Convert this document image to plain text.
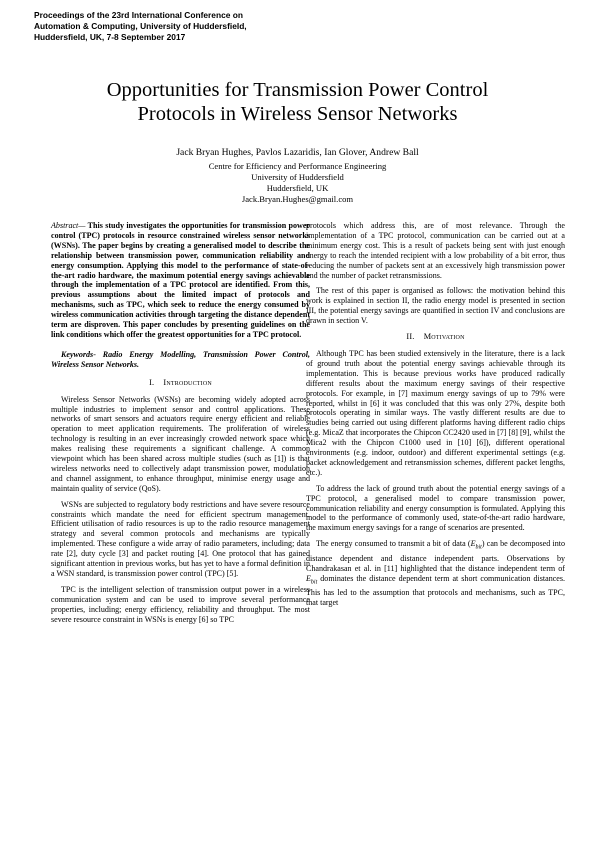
Proceedings of the 23rd International Conference on
Automation & Computing, University of Huddersfield,
Huddersfield, UK, 7-8 September 2017
Opportunities for Transmission Power Control
Protocols in Wireless Sensor Networks
Jack Bryan Hughes, Pavlos Lazaridis, Ian Glover, Andrew Ball
Centre for Efficiency and Performance Engineering
University of Huddersfield
Huddersfield, UK
Jack.Bryan.Hughes@gmail.com

Abstract— This study investigates the opportunities for transmission power control (TPC) protocols in resource constrained wireless sensor networks (WSNs). The paper begins by creating a generalised model to describe the relationship between transmission power, communication reliability and energy consumption. Applying this model to the performance of state-of-the-art radio hardware, the maximum potential energy savings achievable through the implementation of a TPC protocol are identified. From this, previous assumptions about the limited impact of protocols and mechanisms, such as TPC, which seek to reduce the energy consumed by wireless communication activities through targeting the distance dependent term are disproven. This paper concludes by presenting guidelines on the link conditions which offer the greatest opportunities for a TPC protocol.

Keywords- Radio Energy Modelling, Transmission Power Control, Wireless Sensor Networks.

I. Introduction

Wireless Sensor Networks (WSNs) are becoming widely adopted across multiple industries to implement sensor and control applications. These networks of smart sensors and actuators require energy efficient and reliable operation to meet application requirements. The proliferation of wireless technology is resulting in an ever increasingly crowded network space which makes realising these requirements a significant challenge. A common viewpoint which has been shared across multiple studies (such as [1]) is that wireless networks need to collectively adapt transmission power, modulation and channel assignment, to enhance throughput, minimise energy usage and maintain quality of service (QoS).

WSNs are subjected to regulatory body restrictions and have severe resource constraints which mandate the need for efficient spectrum management. Efficient utilisation of radio resources is up to the radio resource management strategy and several common protocols and mechanisms are typically implemented. These configure a wide array of radio parameters, including; data rate [2], duty cycle [3] and packet routing [4]. One protocol that has gained significant attention in previous works, but has yet to have a formal definition in a WSN standard, is transmission power control (TPC) [5].

TPC is the intelligent selection of transmission output power in a wireless communication system and can be used to improve several performance properties, including; energy efficiency, reliability and throughput. The most severe resource constraint in WSNs is energy [6] so TPC

protocols which address this, are of most relevance. Through the implementation of a TPC protocol, communication can be carried out at a minimum energy cost. This is a result of packets being sent with just enough energy to reach the intended recipient with a low probability of a bit error, thus reducing the number of packets sent at an excessively high transmission power and the number of packet retransmissions.

The rest of this paper is organised as follows: the motivation behind this work is explained in section II, the radio energy model is presented in section III, the potential energy savings are quantified in section IV and conclusions are drawn in section V.

II. Motivation

Although TPC has been studied extensively in the literature, there is a lack of ground truth about the potential energy savings achievable through its implementation. This is because previous works have produced radically different results about the maximum energy savings of their respective protocols. For example, in [7] maximum energy savings of up to 79% were reported, whilst in [6] it was concluded that this was only 27%, despite both protocols operating in similar ways. The vastly different results are due to studies being carried out using different platforms having different radio chips (e.g. MicaZ that incorporates the Chipcon CC2420 used in [7] [8] [9], whilst the Mica2 with the Chipcon C1000 used in [10] [6]), different operational environments (e.g. indoor, outdoor) and different experimental settings (e.g. packet acknowledgement and retransmission schemes, different packet lengths, etc.).

To address the lack of ground truth about the potential energy savings of a TPC protocol, a generalised model to compare transmission power, communication reliability and energy consumption is formulated. Applying this model to the performance of commonly used, state-of-the-art radio hardware, the maximum energy savings for a range of scenarios are presented.

The energy consumed to transmit a bit of data $(E_{bit})$ can be decomposed into distance dependent and distance independent parts. Observations by Chandrakasan et al. in [11] highlighted that the distance independent term of $E_{bit}$ dominates the distance dependent term at short communication distances. This has led to the assumption that protocols and mechanisms, such as TPC, that target
